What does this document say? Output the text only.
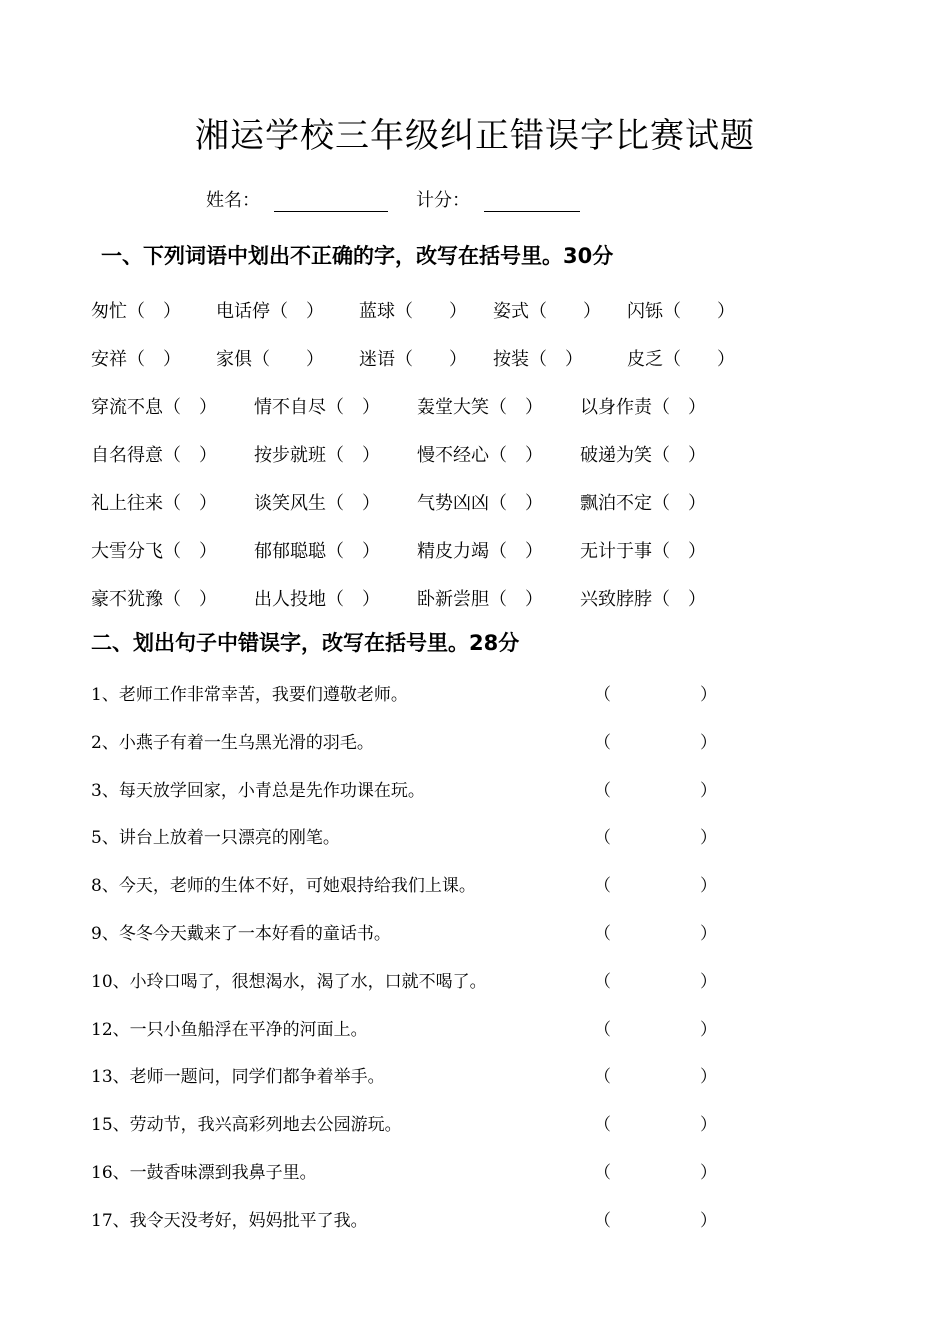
湘运学校三年级纠正错误字比赛试题
姓名：	计分：
一、下列词语中划出不正确的字，改写在括号里。30分
匆忙（　） 电话停（　） 蓝球（　　） 姿式（　　） 闪铄（　　）
安祥（　） 家俱（　　） 迷语（　　） 按装（　） 皮乏（　　）
穿流不息（　） 情不自尽（　） 轰堂大笑（　） 以身作责（　）
自名得意（　） 按步就班（　） 慢不经心（　） 破递为笑（　）
礼上往来（　） 谈笑风生（　） 气势凶凶（　） 飘泊不定（　）
大雪分飞（　） 郁郁聪聪（　） 精皮力竭（　） 无计于事（　）
豪不犹豫（　） 出人投地（　） 卧新尝胆（　） 兴致脖脖（　）
二、划出句子中错误字，改写在括号里。28分
1、老师工作非常幸苦，我要们遵敬老师。	（	）
2、小燕子有着一生乌黑光滑的羽毛。	（	）
3、每天放学回家，小青总是先作功课在玩。	（	）
5、讲台上放着一只漂亮的刚笔。	（	）
8、今天，老师的生体不好，可她艰持给我们上课。	（	）
9、冬冬今天戴来了一本好看的童话书。	（	）
10、小玲口喝了，很想渴水，渴了水，口就不喝了。	（	）
12、一只小鱼船浮在平净的河面上。	（	）
13、老师一题问，同学们都争着举手。	（	）
15、劳动节，我兴高彩列地去公园游玩。	（	）
16、一鼓香味漂到我鼻子里。	（	）
17、我令天没考好，妈妈批平了我。	（	）
